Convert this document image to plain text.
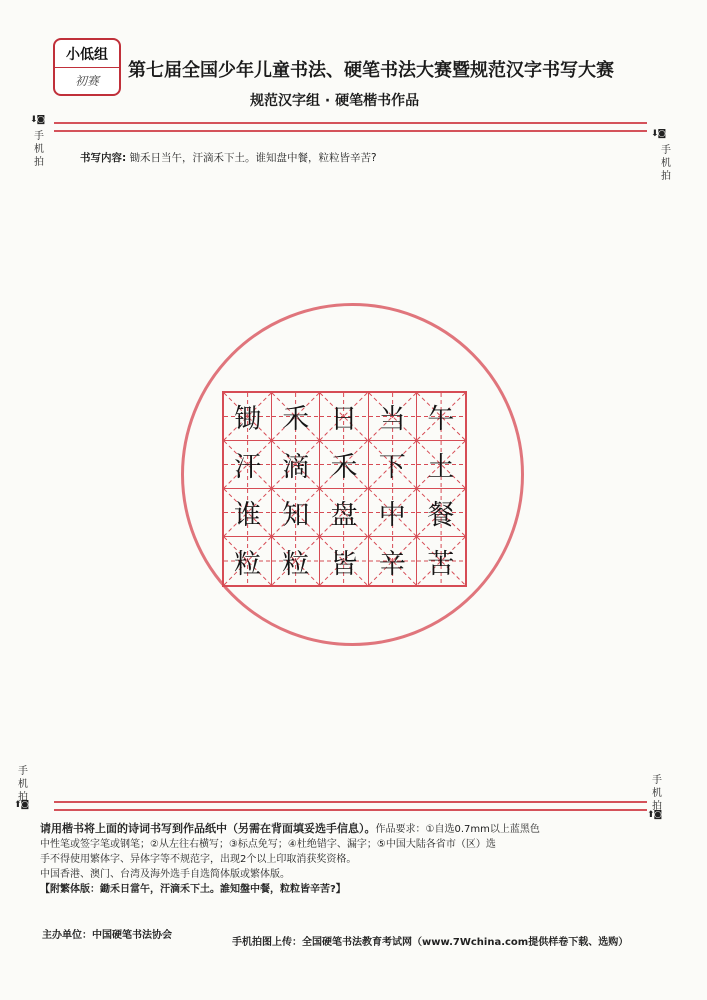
小低组
初赛	第七届全国少年儿童书法、硬笔书法大赛暨规范汉字书写大赛
规范汉字组 · 硬笔楷书作品
⬇◙
手机拍
⬇◙
手机拍
手机拍
⬆◙
手机拍
⬆◙
书写内容: 锄禾日当午，汗滴禾下土。谁知盘中餐，粒粒皆辛苦?
锄 禾 日 当 午
汗 滴 禾 下 土
谁 知 盘 中 餐
粒 粒 皆 辛 苦

请用楷书将上面的诗词书写到作品纸中（另需在背面填妥选手信息）。作品要求：①自选0.7mm以上蓝黑色

中性笔或签字笔或钢笔；②从左往右横写；③标点免写；④杜绝错字、漏字；⑤中国大陆各省市（区）选

手不得使用繁体字、异体字等不规范字，出现2个以上印取消获奖资格。

中国香港、澳门、台湾及海外选手自选简体版或繁体版。

【附繁体版：鋤禾日當午，汗滴禾下土。誰知盤中餐，粒粒皆辛苦?】

主办单位：中国硬笔书法协会
手机拍图上传：全国硬笔书法教育考试网（www.7Wchina.com提供样卷下载、选购）
